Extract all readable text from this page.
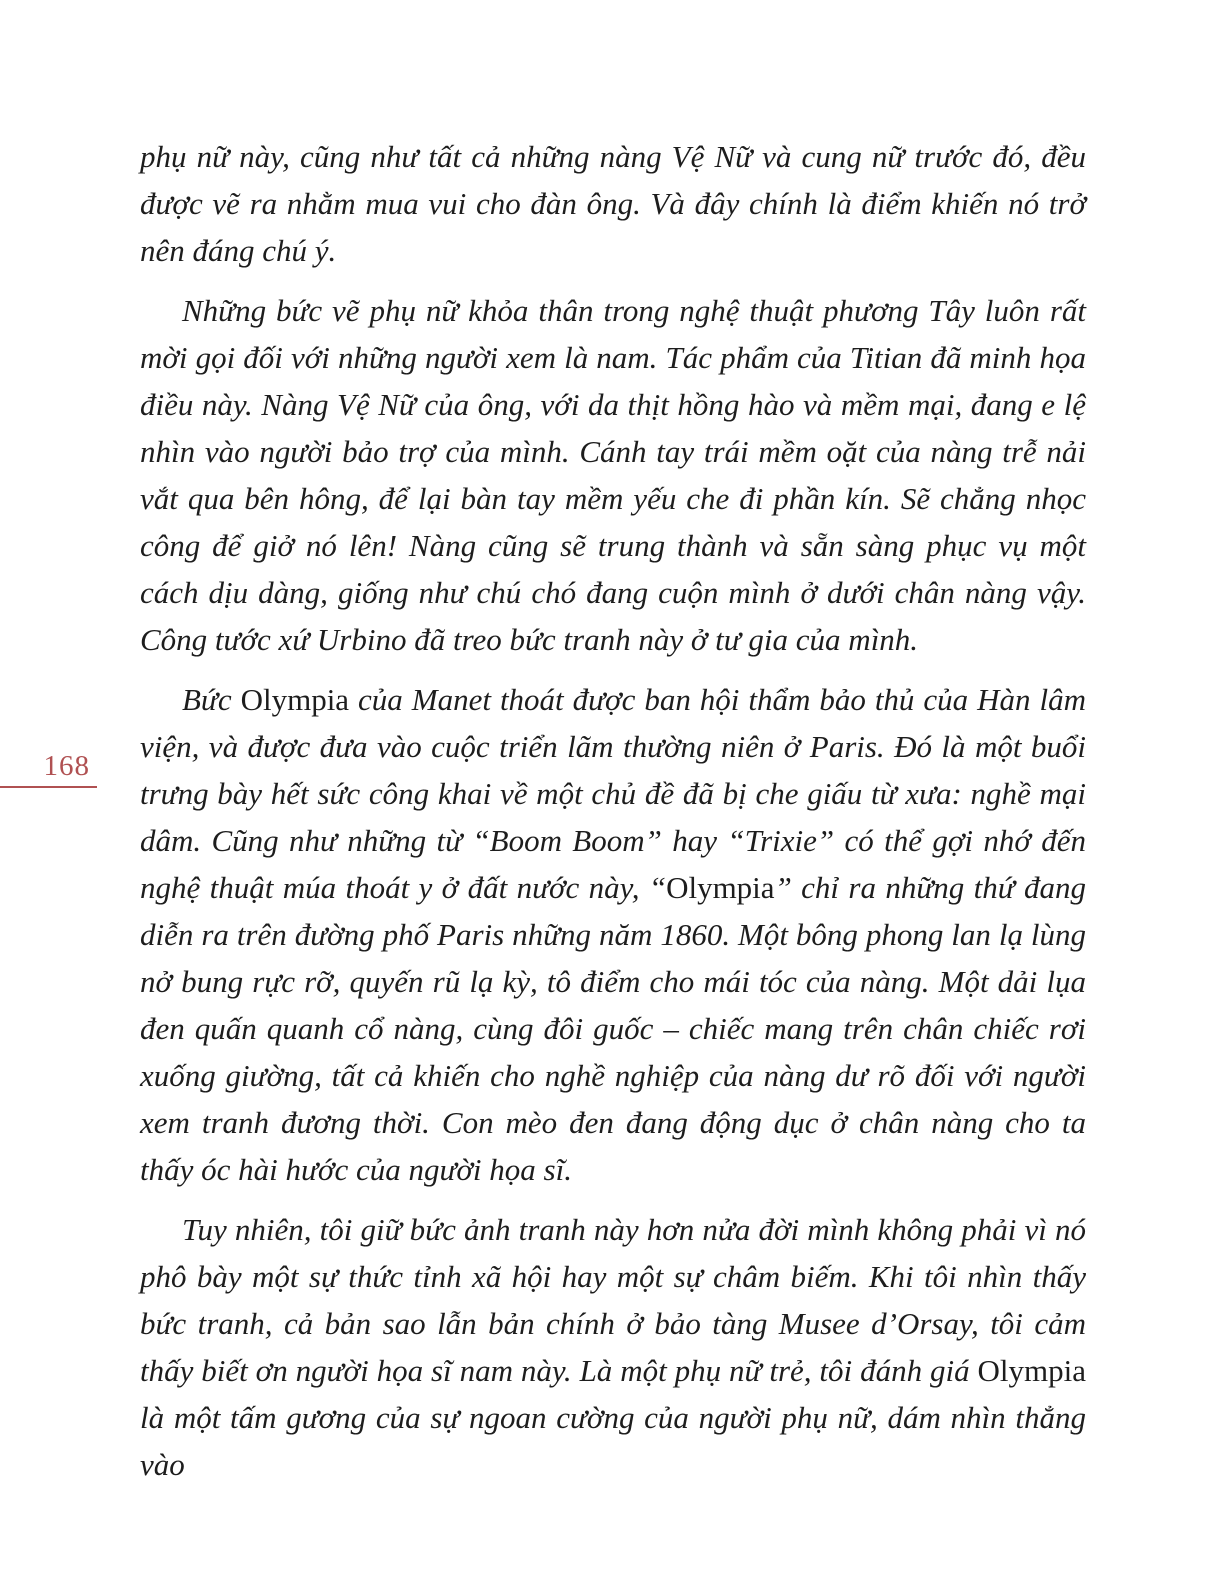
168

phụ nữ này, cũng như tất cả những nàng Vệ Nữ và cung nữ trước đó, đều được vẽ ra nhằm mua vui cho đàn ông. Và đây chính là điểm khiến nó trở nên đáng chú ý.

Những bức vẽ phụ nữ khỏa thân trong nghệ thuật phương Tây luôn rất mời gọi đối với những người xem là nam. Tác phẩm của Titian đã minh họa điều này. Nàng Vệ Nữ của ông, với da thịt hồng hào và mềm mại, đang e lệ nhìn vào người bảo trợ của mình. Cánh tay trái mềm oặt của nàng trễ nải vắt qua bên hông, để lại bàn tay mềm yếu che đi phần kín. Sẽ chẳng nhọc công để giở nó lên! Nàng cũng sẽ trung thành và sẵn sàng phục vụ một cách dịu dàng, giống như chú chó đang cuộn mình ở dưới chân nàng vậy. Công tước xứ Urbino đã treo bức tranh này ở tư gia của mình.

Bức Olympia của Manet thoát được ban hội thẩm bảo thủ của Hàn lâm viện, và được đưa vào cuộc triển lãm thường niên ở Paris. Đó là một buổi trưng bày hết sức công khai về một chủ đề đã bị che giấu từ xưa: nghề mại dâm. Cũng như những từ “Boom Boom” hay “Trixie” có thể gợi nhớ đến nghệ thuật múa thoát y ở đất nước này, “Olympia” chỉ ra những thứ đang diễn ra trên đường phố Paris những năm 1860. Một bông phong lan lạ lùng nở bung rực rỡ, quyến rũ lạ kỳ, tô điểm cho mái tóc của nàng. Một dải lụa đen quấn quanh cổ nàng, cùng đôi guốc – chiếc mang trên chân chiếc rơi xuống giường, tất cả khiến cho nghề nghiệp của nàng dư rõ đối với người xem tranh đương thời. Con mèo đen đang động dục ở chân nàng cho ta thấy óc hài hước của người họa sĩ.

Tuy nhiên, tôi giữ bức ảnh tranh này hơn nửa đời mình không phải vì nó phô bày một sự thức tỉnh xã hội hay một sự châm biếm. Khi tôi nhìn thấy bức tranh, cả bản sao lẫn bản chính ở bảo tàng Musee d’Orsay, tôi cảm thấy biết ơn người họa sĩ nam này. Là một phụ nữ trẻ, tôi đánh giá Olympia là một tấm gương của sự ngoan cường của người phụ nữ, dám nhìn thẳng vào
